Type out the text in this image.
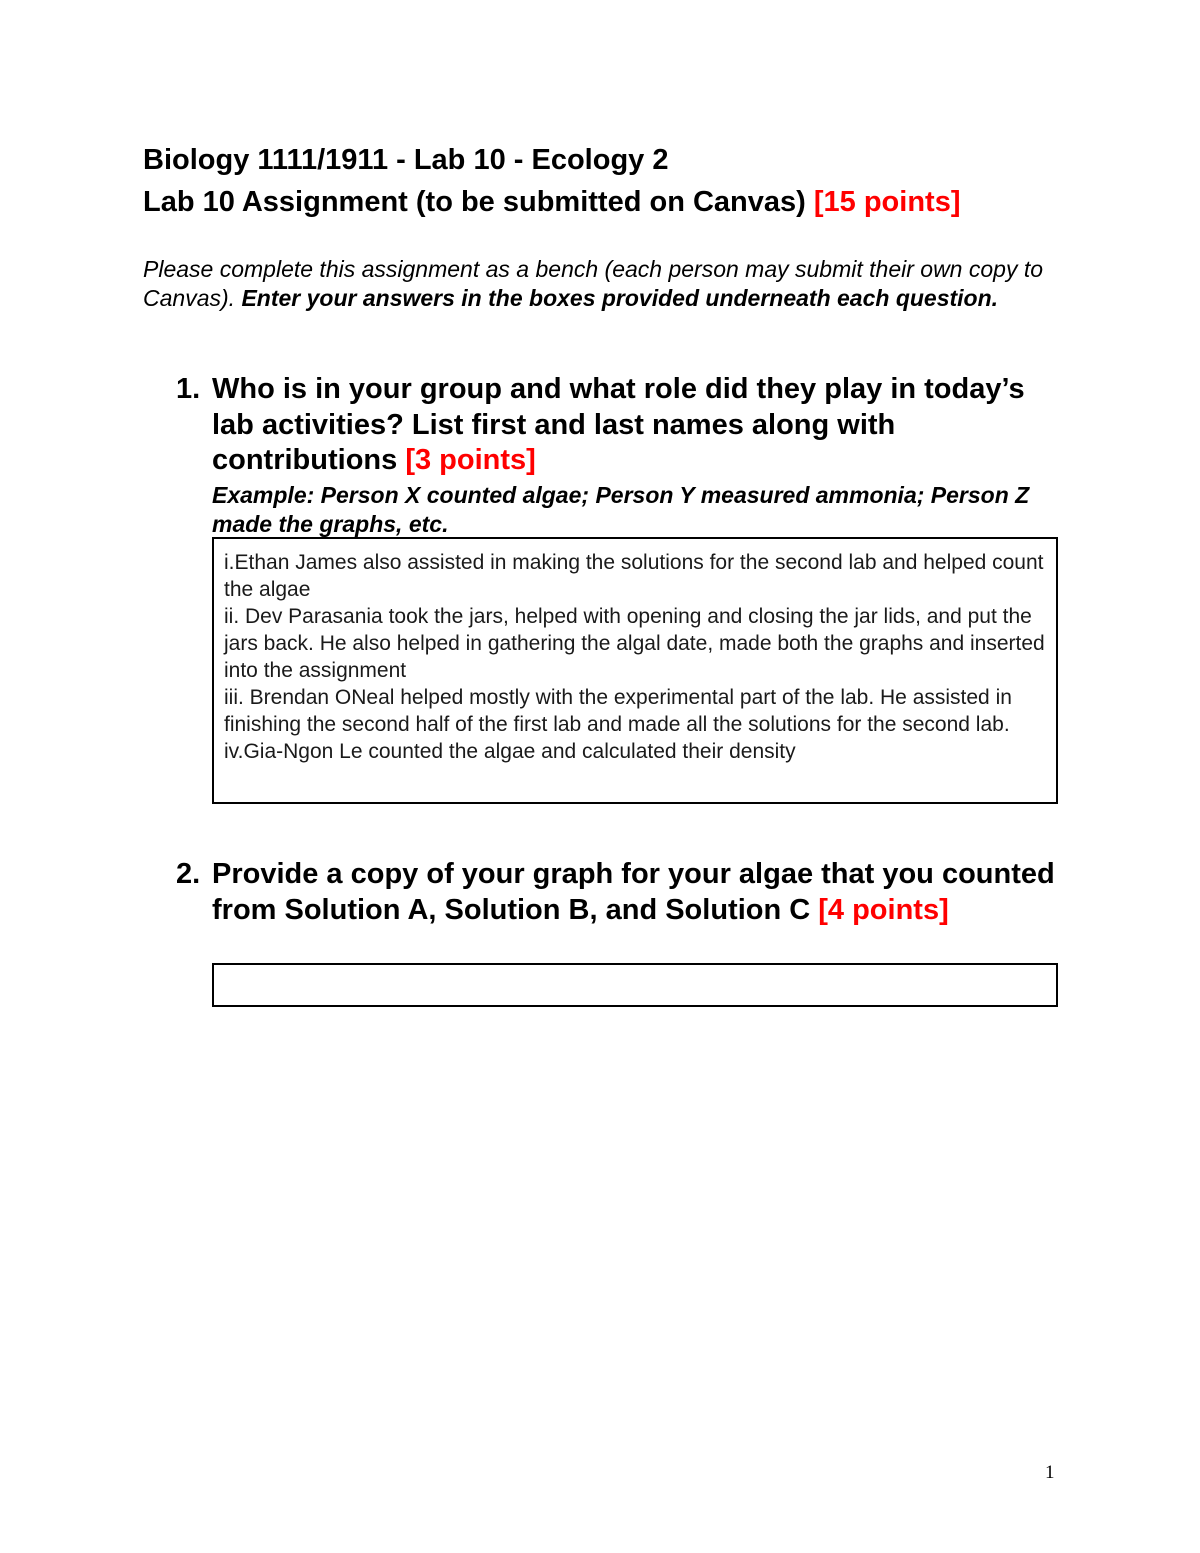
Biology 1111/1911 - Lab 10 - Ecology 2
Lab 10 Assignment (to be submitted on Canvas) [15 points]
Please complete this assignment as a bench (each person may submit their own copy to Canvas). Enter your answers in the boxes provided underneath each question.
1. Who is in your group and what role did they play in today’s lab activities? List first and last names along with contributions [3 points]
Example: Person X counted algae; Person Y measured ammonia; Person Z made the graphs, etc.
i.Ethan James also assisted in making the solutions for the second lab and helped count the algae
ii. Dev Parasania took the jars, helped with opening and closing the jar lids, and put the jars back. He also helped in gathering the algal date, made both the graphs and inserted into the assignment
iii. Brendan ONeal helped mostly with the experimental part of the lab. He assisted in finishing the second half of the first lab and made all the solutions for the second lab.
iv.Gia-Ngon Le counted the algae and calculated their density
2. Provide a copy of your graph for your algae that you counted from Solution A, Solution B, and Solution C [4 points]
1
